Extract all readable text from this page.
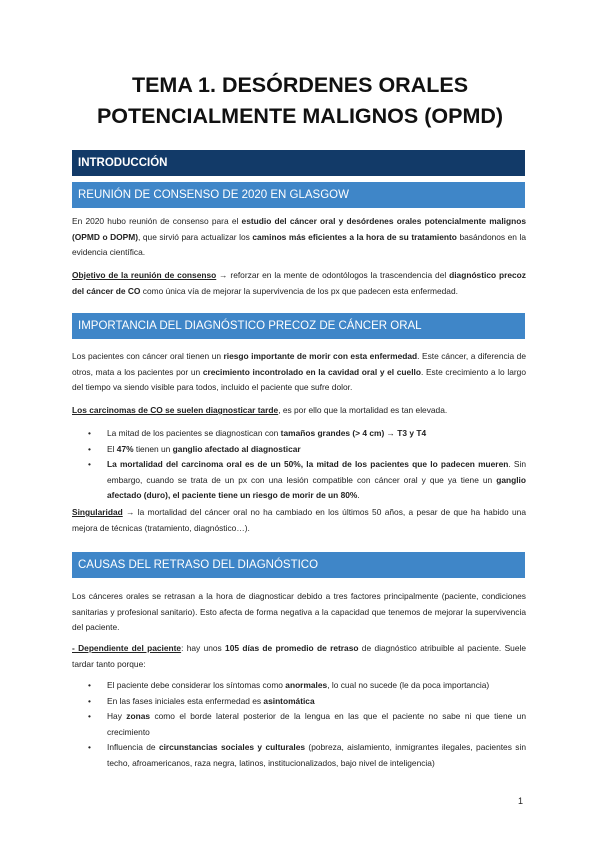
TEMA 1. DESÓRDENES ORALES
POTENCIALMENTE MALIGNOS (OPMD)
INTRODUCCIÓN
REUNIÓN DE CONSENSO DE 2020 EN GLASGOW

En 2020 hubo reunión de consenso para el estudio del cáncer oral y desórdenes orales potencialmente malignos (OPMD o DOPM), que sirvió para actualizar los caminos más eficientes a la hora de su tratamiento basándonos en la evidencia científica.

Objetivo de la reunión de consenso → reforzar en la mente de odontólogos la trascendencia del diagnóstico precoz del cáncer de CO como única vía de mejorar la supervivencia de los px que padecen esta enfermedad.

IMPORTANCIA DEL DIAGNÓSTICO PRECOZ DE CÁNCER ORAL

Los pacientes con cáncer oral tienen un riesgo importante de morir con esta enfermedad. Este cáncer, a diferencia de otros, mata a los pacientes por un crecimiento incontrolado en la cavidad oral y el cuello. Este crecimiento a lo largo del tiempo va siendo visible para todos, incluido el paciente que sufre dolor.

Los carcinomas de CO se suelen diagnosticar tarde, es por ello que la mortalidad es tan elevada.

• La mitad de los pacientes se diagnostican con tamaños grandes (> 4 cm) → T3 y T4
• El 47% tienen un ganglio afectado al diagnosticar
• La mortalidad del carcinoma oral es de un 50%, la mitad de los pacientes que lo padecen mueren. Sin embargo, cuando se trata de un px con una lesión compatible con cáncer oral y que ya tiene un ganglio afectado (duro), el paciente tiene un riesgo de morir de un 80%.

Singularidad → la mortalidad del cáncer oral no ha cambiado en los últimos 50 años, a pesar de que ha habido una mejora de técnicas (tratamiento, diagnóstico…).

CAUSAS DEL RETRASO DEL DIAGNÓSTICO

Los cánceres orales se retrasan a la hora de diagnosticar debido a tres factores principalmente (paciente, condiciones sanitarias y profesional sanitario). Esto afecta de forma negativa a la capacidad que tenemos de mejorar la supervivencia del paciente.

- Dependiente del paciente: hay unos 105 días de promedio de retraso de diagnóstico atribuible al paciente. Suele tardar tanto porque:

• El paciente debe considerar los síntomas como anormales, lo cual no sucede (le da poca importancia)
• En las fases iniciales esta enfermedad es asintomática
• Hay zonas como el borde lateral posterior de la lengua en las que el paciente no sabe ni que tiene un crecimiento
• Influencia de circunstancias sociales y culturales (pobreza, aislamiento, inmigrantes ilegales, pacientes sin techo, afroamericanos, raza negra, latinos, institucionalizados, bajo nivel de inteligencia)
1
